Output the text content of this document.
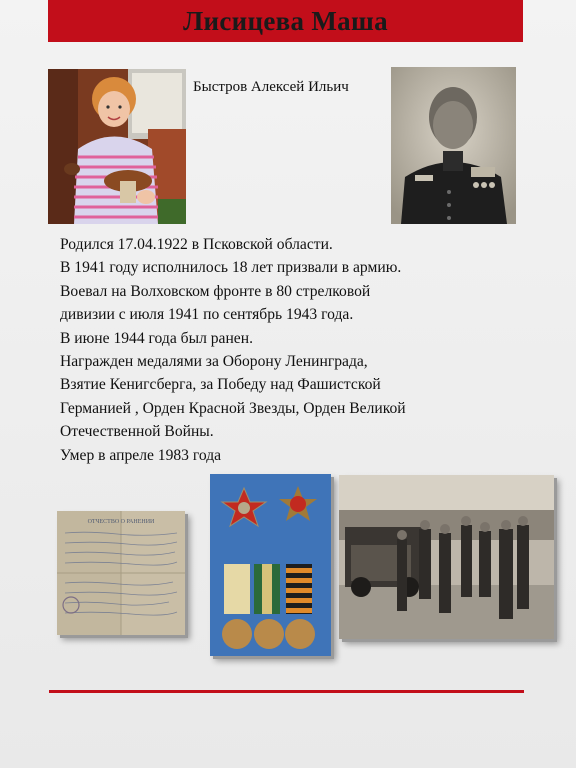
Лисицева Маша
Быстров Алексей Ильич
Родился 17.04.1922 в Псковской области.
В 1941 году исполнилось 18 лет призвали в армию.
Воевал на Волховском фронте в 80 стрелковой
дивизии с июля 1941 по сентябрь 1943 года.
В июне 1944 года был ранен.
Награжден медалями за Оборону Ленинграда,
Взятие Кенигсберга, за Победу над Фашистской
Германией , Орден Красной Звезды, Орден Великой
Отечественной Войны.
Умер в апреле 1983 года
ОТЧЕСТВО О РАНЕНИИ
